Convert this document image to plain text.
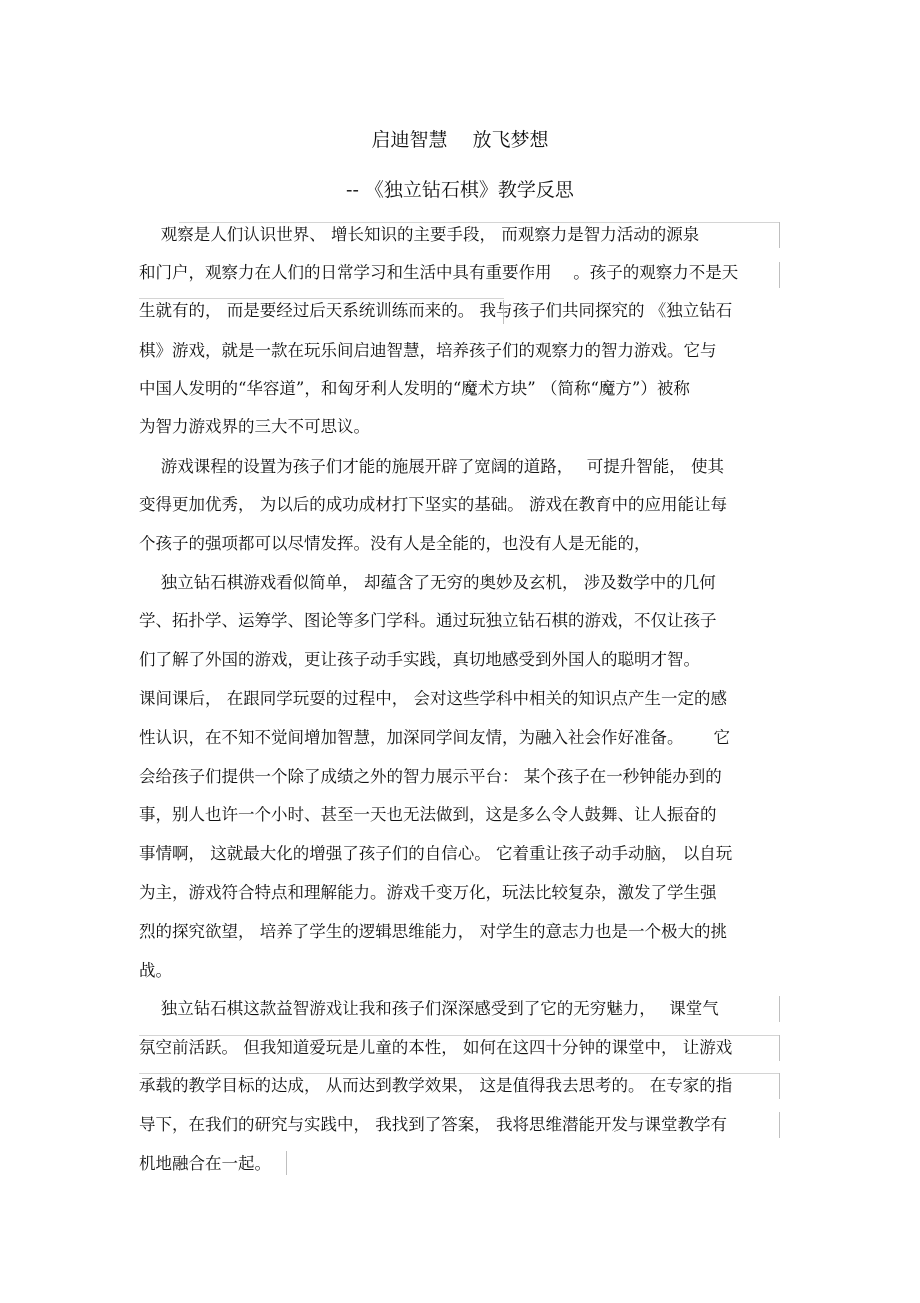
启迪智慧　 放飞梦想
-- 《独立钻石棋》教学反思
　 观察是人们认识世界、 增长知识的主要手段， 而观察力是智力活动的源泉
和门户，观察力在人们的日常学习和生活中具有重要作用　 。孩子的观察力不是天
生就有的， 而是要经过后天系统训练而来的。 我与孩子们共同探究的 《独立钻石
棋》游戏，就是一款在玩乐间启迪智慧，培养孩子们的观察力的智力游戏。它与
中国人发明的“华容道”，和匈牙利人发明的“魔术方块” （简称“魔方”）被称
为智力游戏界的三大不可思议。
　 游戏课程的设置为孩子们才能的施展开辟了宽阔的道路，　 可提升智能， 使其
变得更加优秀， 为以后的成功成材打下坚实的基础。 游戏在教育中的应用能让每
个孩子的强项都可以尽情发挥。没有人是全能的，也没有人是无能的，
　 独立钻石棋游戏看似简单， 却蕴含了无穷的奥妙及玄机， 涉及数学中的几何
学、拓扑学、运筹学、图论等多门学科。通过玩独立钻石棋的游戏，不仅让孩子
们了解了外国的游戏，更让孩子动手实践，真切地感受到外国人的聪明才智。
课间课后， 在跟同学玩耍的过程中， 会对这些学科中相关的知识点产生一定的感
性认识，在不知不觉间增加智慧，加深同学间友情，为融入社会作好准备。　　 它
会给孩子们提供一个除了成绩之外的智力展示平台： 某个孩子在一秒钟能办到的
事，别人也许一个小时、甚至一天也无法做到，这是多么令人鼓舞、让人振奋的
事情啊， 这就最大化的增强了孩子们的自信心。 它着重让孩子动手动脑， 以自玩
为主，游戏符合特点和理解能力。游戏千变万化，玩法比较复杂，激发了学生强
烈的探究欲望， 培养了学生的逻辑思维能力， 对学生的意志力也是一个极大的挑
战。
　 独立钻石棋这款益智游戏让我和孩子们深深感受到了它的无穷魅力，　 课堂气
氛空前活跃。 但我知道爱玩是儿童的本性， 如何在这四十分钟的课堂中， 让游戏
承载的教学目标的达成， 从而达到教学效果， 这是值得我去思考的。 在专家的指
导下，在我们的研究与实践中， 我找到了答案， 我将思维潜能开发与课堂教学有
机地融合在一起。
